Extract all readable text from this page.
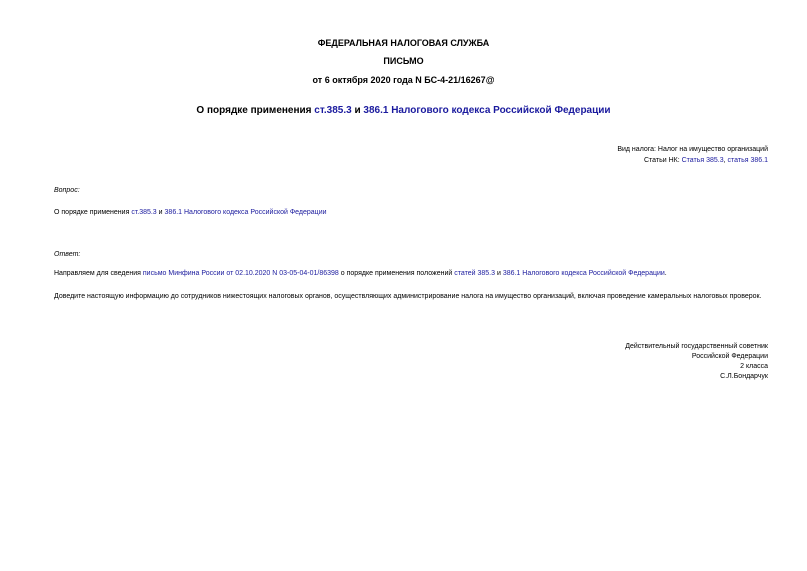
ФЕДЕРАЛЬНАЯ НАЛОГОВАЯ СЛУЖБА
ПИСЬМО
от 6 октября 2020 года N БС-4-21/16267@
О порядке применения ст.385.3 и 386.1 Налогового кодекса Российской Федерации
Вид налога: Налог на имущество организаций
Статьи НК: Статья 385.3, статья 386.1
Вопрос:
О порядке применения ст.385.3 и 386.1 Налогового кодекса Российской Федерации
Ответ:
Направляем для сведения письмо Минфина России от 02.10.2020 N 03-05-04-01/86398 о порядке применения положений статей 385.3 и 386.1 Налогового кодекса Российской Федерации.
Доведите настоящую информацию до сотрудников нижестоящих налоговых органов, осуществляющих администрирование налога на имущество организаций, включая проведение камеральных налоговых проверок.
Действительный государственный советник
Российской Федерации
2 класса
С.Л.Бондарчук
